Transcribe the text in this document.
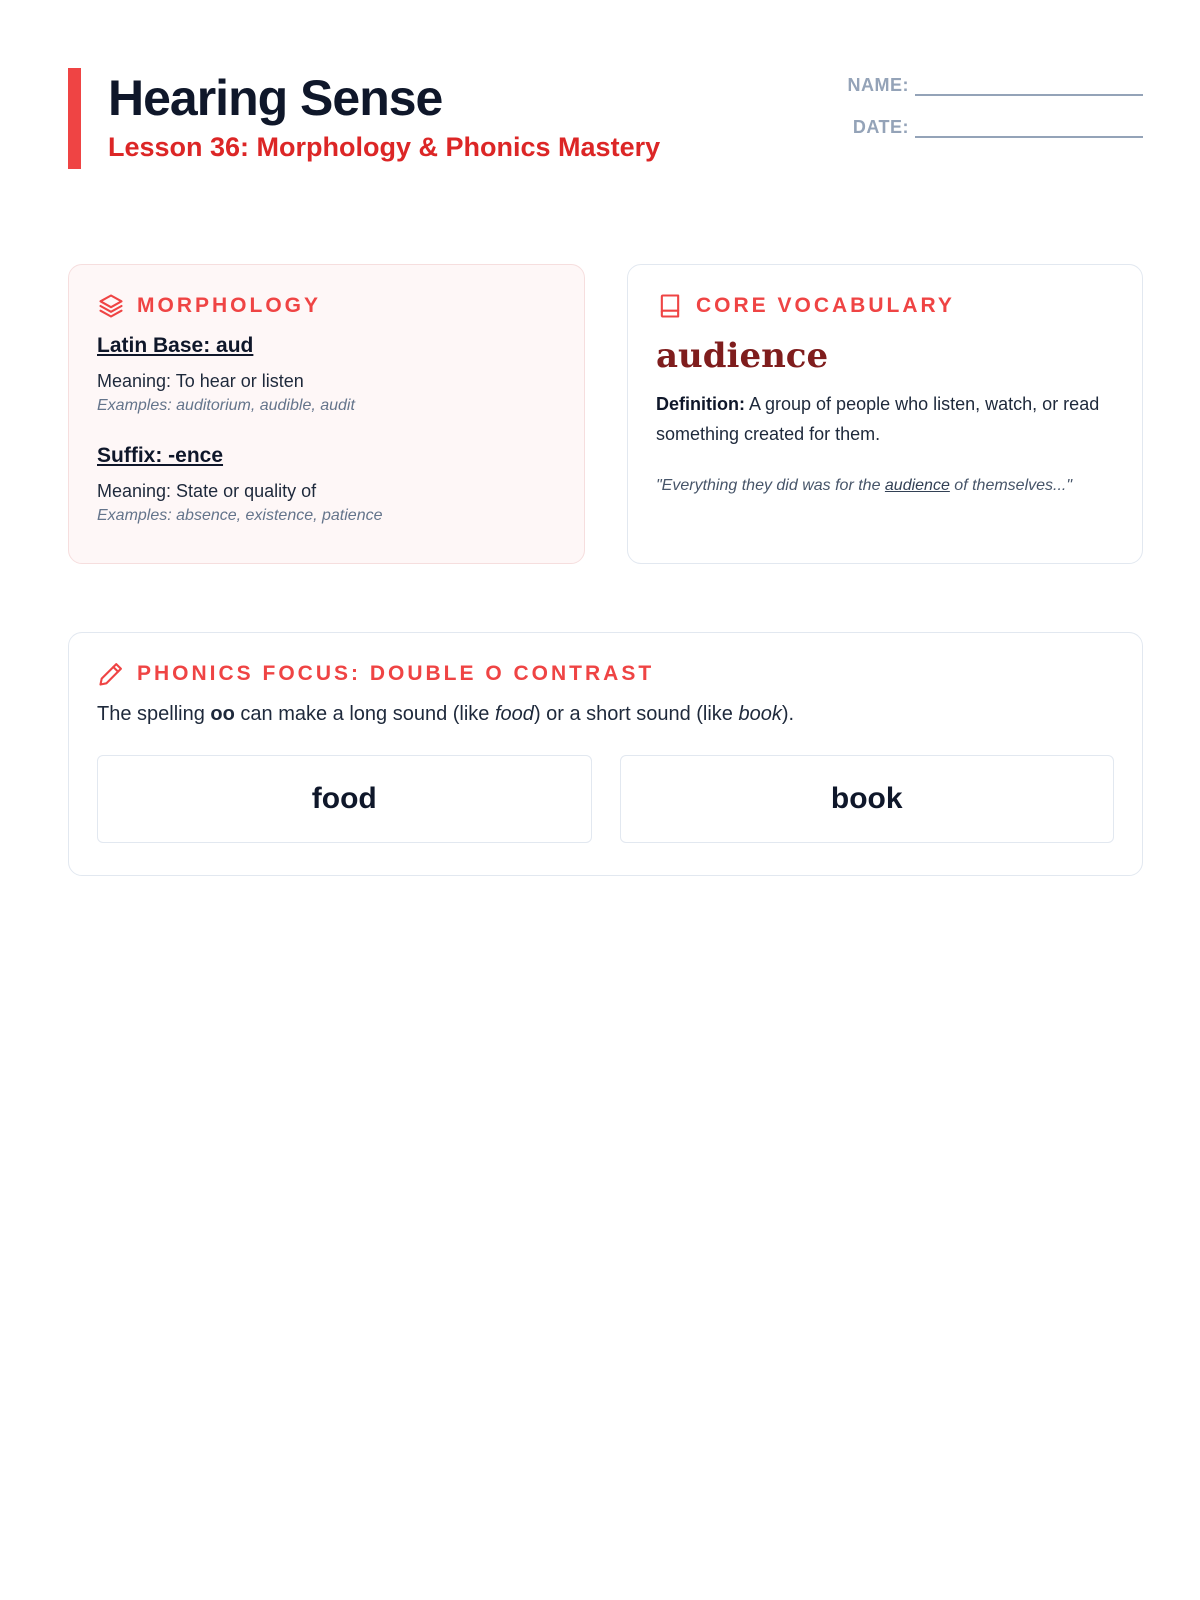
Hearing Sense
Lesson 36: Morphology & Phonics Mastery
NAME:
DATE:
MORPHOLOGY
Latin Base: aud
Meaning: To hear or listen
Examples: auditorium, audible, audit
Suffix: -ence
Meaning: State or quality of
Examples: absence, existence, patience
CORE VOCABULARY
audience
Definition: A group of people who listen, watch, or read something created for them.
"Everything they did was for the audience of themselves..."
PHONICS FOCUS: DOUBLE O CONTRAST
The spelling oo can make a long sound (like food) or a short sound (like book).
food	book
